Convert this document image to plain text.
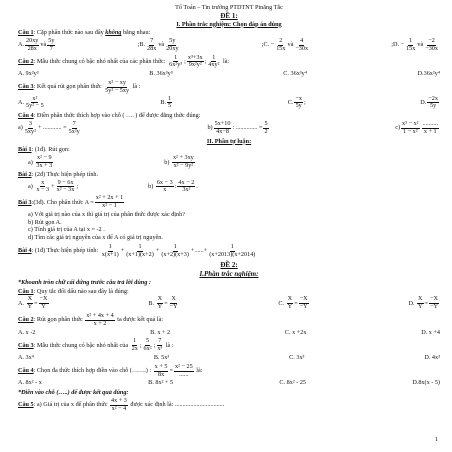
Tổ Toán – Tin trường PTDTNT Pinăng Tắc
ĐỀ 1:
I. Phần trắc nghiệm: Chọn đáp án đúng
Câu 1 : Cặp phân thức nào sau đây
không
bằng nhau:
A. $\frac{20xy}{28x}$ và $\frac{5y}{7}$	;B. $\frac{7}{28x}$ và $\frac{5y}{20xy}$	;C. − $\frac{2}{15x}$ và $\frac{4}{-30x}$	;D. − $\frac{1}{15x}$ và $\frac{-2}{-30x}$
Câu 2 : Mẫu thức chung có bậc nhỏ nhất của các phân thức:
$\frac{1}{\text{6x²y³}}$ ; $\frac{\text{x³+3x}}{\text{9x²y²}}$ ; $\frac{1}{\text{4xy²}}$
là:
A. 9x²y³	B. 36x³y³	C. 36x³y⁴	D.36x²y⁴
Câu 3 : Kết quả rút gọn phân thức
$\frac{\text{x² − xy}}{\text{5y² − 5xy}}$
là :
A. $\frac{\text{x²}}{\text{5y² − 5}}$	B. $\frac{1}{5}$	C. $\frac{-x}{5y}$ ;	D. $\frac{-2x}{5y}$
Câu 4 : Điền phân thức thích hợp vào chỗ ( …. ) để được đẳng thức đúng:
$a) \frac{3}{\text{5xy²}}$ + ............ = $\frac{7}{\text{5x²y}}$	$b) \frac{5x+10}{4x-8}$ : .............. = $\frac{5}{2}$	$c) \frac{\text{x³ − x²}}{\text{1 − x²}} \frac{..........}{x + 1}$
II. Phần tự luận:
Bài 1 : (1đ). Rút gọn:
a)
$\frac{\text{x² − 9}}{3x + 3}$	b)
$\frac{\text{x² + 3xy}}{\text{x² − 9y²}}$
Bài 2 : (2đ) Thực hiện phép tính.
a)
$\frac{x}{x - 3} + \frac{9 - 6x}{\text{x² − 3x}}$ ;	b)
$\frac{6x - 3}{x}$ : $\frac{4x - 2}{\text{3x²}}$ .
Bài 3 :(3đ). Cho phân thức
$A = \frac{\text{x² + 2x + 1}}{\text{x² − 1}}$
a) Với giá trị nào của x thì giá trị của phân thức được xác định?
b) Rút gọn A.
c) Tính giá trị của A tại x = -2 .
d) Tìm các giá trị nguyên của x để A có giá trị nguyên.
Bài 4 : (1đ) Thực hiện phép tính:
$\frac{1}{x(x+1)} + \frac{1}{(x+1)(x+2)} + \frac{1}{(x+2)(x+3)}$ +......+ $\frac{1}{(x+2013)(x+2014)}$
ĐỀ 2:
I.Phần trắc nghiệm:
*Khoanh tròn chữ cái đứng trước câu trả lời đúng :
Câu 1 : Quy tắc đổi dấu nào sau đây là đúng:
A.
$\frac{X}{Y} = \frac{-X}{Y}$	B.
$\frac{X}{Y} = \frac{X}{-Y}$	C.
$\frac{X}{Y} = \frac{-X}{-Y}$	D.
$\frac{X}{Y} = \frac{-X}{-Y}$
Câu 2 : Rút gọn phân thức
$\frac{\text{x² + 4x + 4}}{x + 2}$
ta được kết quả là:
A. x -2	B. x + 2	C. x +2x	D. x +4
Câu 3 : Mẫu thức chung có bậc nhỏ nhất của
$\frac{1}{2x}$ ; $\frac{5}{\text{6x²}}$ ; $\frac{7}{\text{x³}}$
là :
A. 3x⁴	B. 5x³	C. 3x³	D. 4x³
Câu 4 : Chọn đa thức thích hợp điền vào chỗ (…….) :
$\frac{x + 5}{8x} = \frac{\text{x² − 25}}{......}$
là:
A. 8x² - x	B. 8x² + 5	C. 8x² - 25	D.8x(x - 5)
*Điền vào chỗ (…..) để được kết quả đúng:
Câu 5 : a) Giá trị của x để phân thức
$\frac{4x + 3}{\text{x² − 4}}$
được xác định là: ................................
1
